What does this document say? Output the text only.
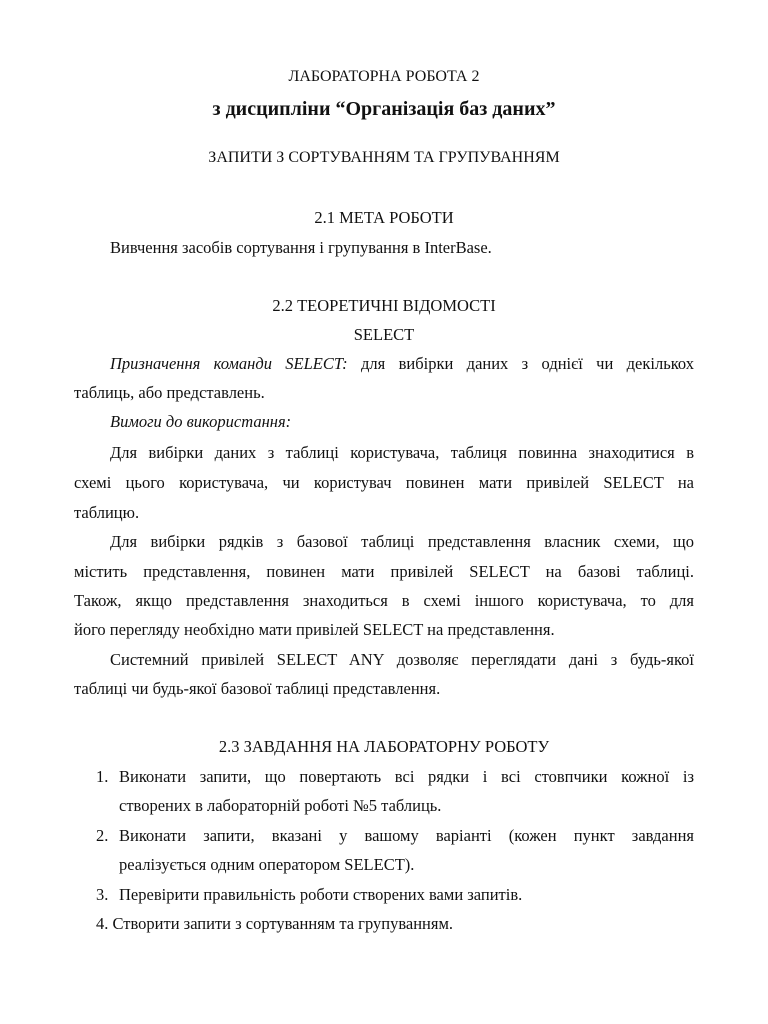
ЛАБОРАТОРНА РОБОТА 2
з дисципліни “Організація баз даних”
ЗАПИТИ З СОРТУВАННЯМ ТА ГРУПУВАННЯМ
2.1 МЕТА РОБОТИ
Вивчення засобів сортування і групування в InterBase.
2.2 ТЕОРЕТИЧНІ ВІДОМОСТІ
SELECT
Призначення команди SELECT: для вибірки даних з однієї чи декількох
таблиць, або представлень.
Вимоги до використання:
Для вибірки даних з таблиці користувача, таблиця повинна знаходитися в
схемі цього користувача, чи користувач повинен мати привілей SELECT на
таблицю.
Для вибірки рядків з базової таблиці представлення власник схеми, що
містить представлення, повинен мати привілей SELECT на базові таблиці.
Також, якщо представлення знаходиться в схемі іншого користувача, то для
його перегляду необхідно мати привілей SELECT на представлення.
Системний привілей SELECT ANY дозволяє переглядати дані з будь-якої
таблиці чи будь-якої базової таблиці представлення.
2.3 ЗАВДАННЯ НА ЛАБОРАТОРНУ РОБОТУ
1. Виконати запити, що повертають всі рядки і всі стовпчики кожної із
створених в лабораторній роботі №5 таблиць.
2. Виконати запити, вказані у вашому варіанті (кожен пункт завдання
реалізується одним оператором SELECT).
3. Перевірити правильність роботи створених вами запитів.
4. Створити запити з сортуванням та групуванням.
